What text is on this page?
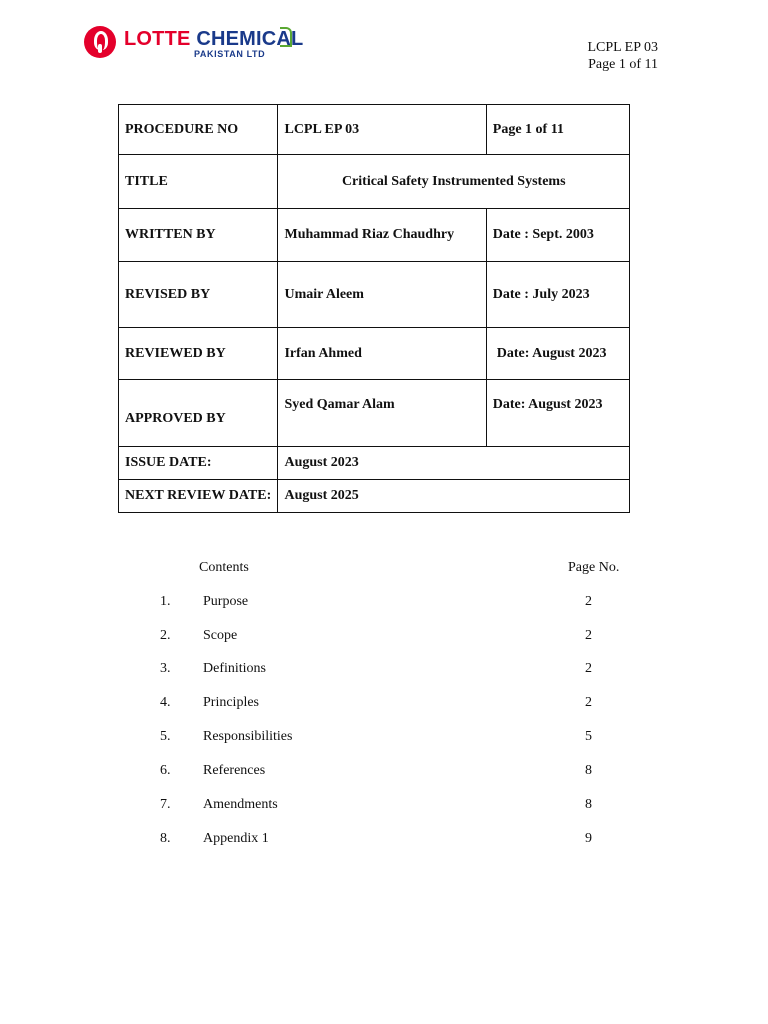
LOTTE CHEMICAL
PAKISTAN LTD	LCPL EP 03
Page 1 of 11
PROCEDURE NO	LCPL EP 03	Page 1 of 11
TITLE	Critical Safety Instrumented Systems	
WRITTEN BY	Muhammad Riaz Chaudhry	Date : Sept. 2003
REVISED BY	Umair Aleem	Date : July 2023
REVIEWED BY	Irfan Ahmed	Date: August 2023
APPROVED BY	Syed Qamar Alam	Date: August 2023
ISSUE DATE:	August 2023	
NEXT REVIEW DATE:	August 2025	
Contents	Page No.
1. Purpose	2
2. Scope	2
3. Definitions	2
4. Principles	2
5. Responsibilities	5
6. References	8
7. Amendments	8
8. Appendix 1	9
